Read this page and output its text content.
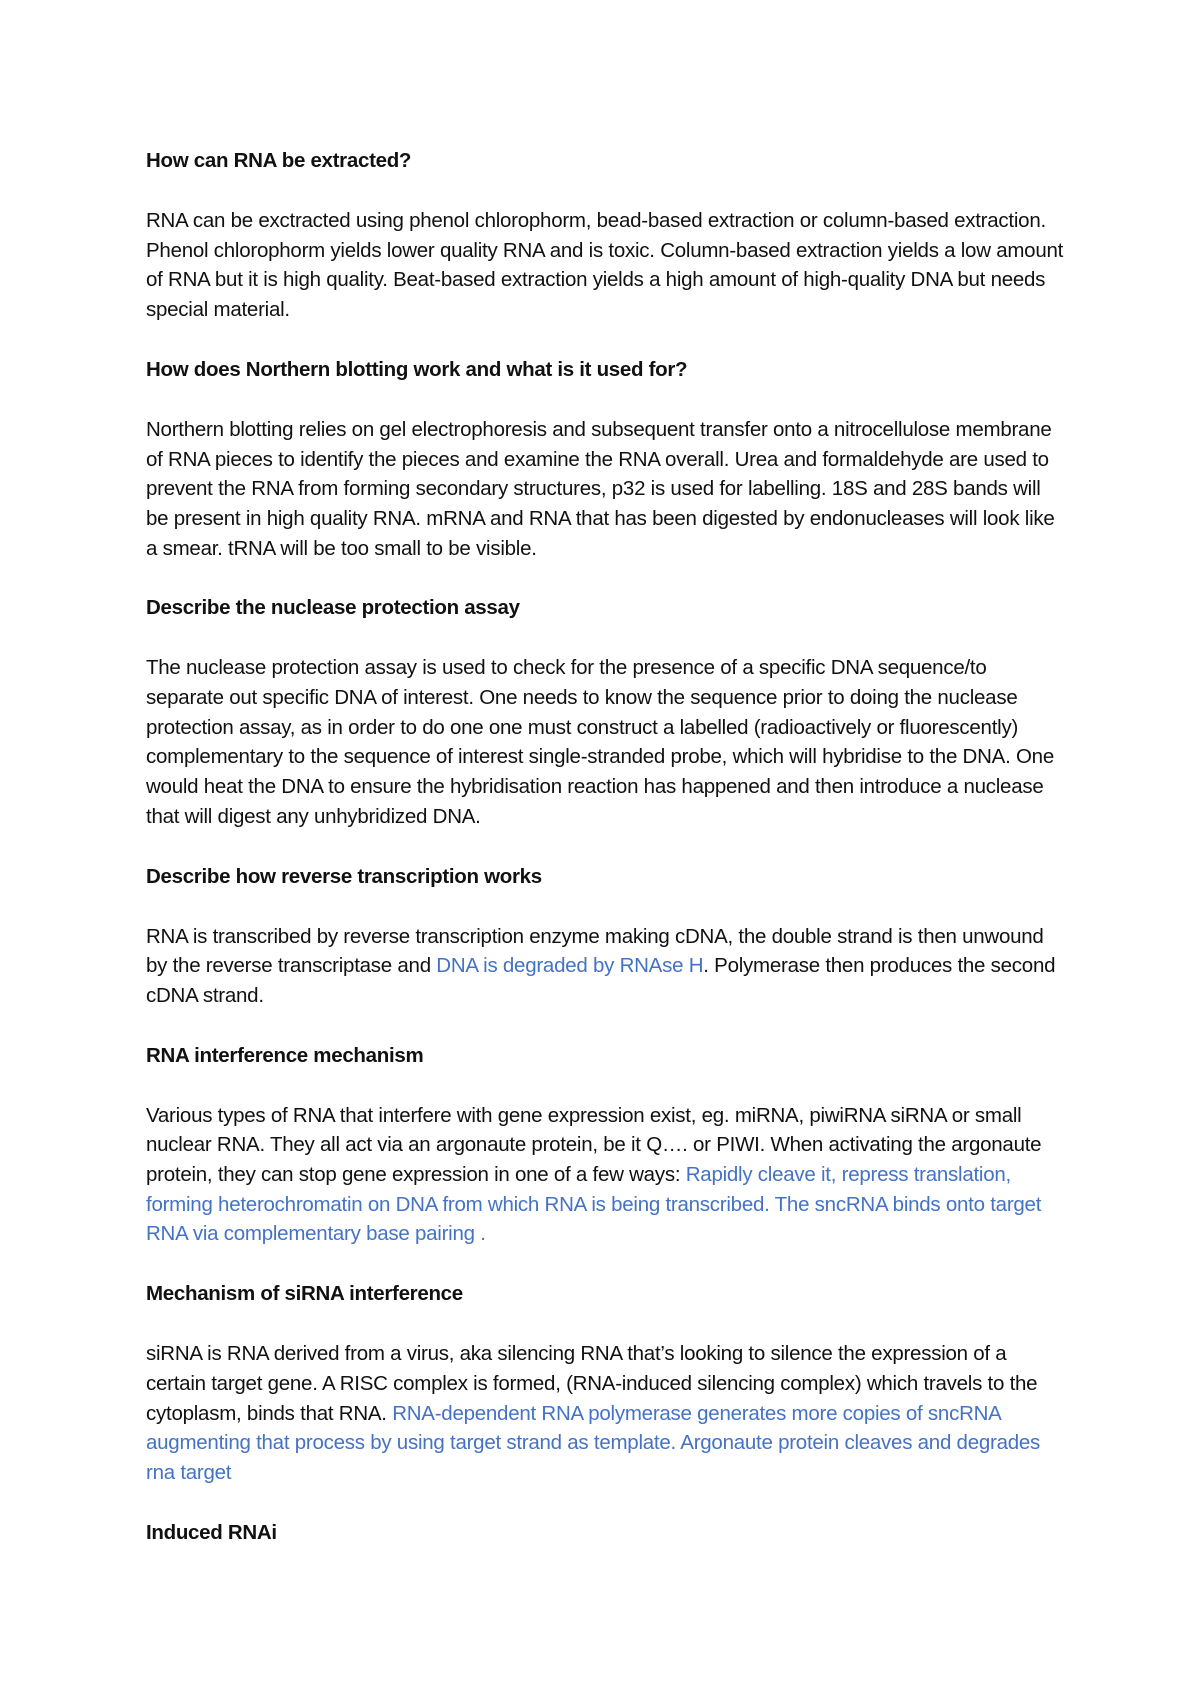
How can RNA be extracted?
RNA can be exctracted using phenol chlorophorm, bead-based extraction or column-based extraction. Phenol chlorophorm yields lower quality RNA and is toxic. Column-based extraction yields a low amount of RNA but it is high quality. Beat-based extraction yields a high amount of high-quality DNA but needs special material.
How does Northern blotting work and what is it used for?
Northern blotting relies on gel electrophoresis and subsequent transfer onto a nitrocellulose membrane of RNA pieces to identify the pieces and examine the RNA overall. Urea and formaldehyde are used to prevent the RNA from forming secondary structures, p32 is used for labelling. 18S and 28S bands will be present in high quality RNA. mRNA and RNA that has been digested by endonucleases will look like a smear. tRNA will be too small to be visible.
Describe the nuclease protection assay
The nuclease protection assay is used to check for the presence of a specific DNA sequence/to separate out specific DNA of interest. One needs to know the sequence prior to doing the nuclease protection assay, as in order to do one one must construct a labelled (radioactively or fluorescently) complementary to the sequence of interest single-stranded probe, which will hybridise to the DNA. One would heat the DNA to ensure the hybridisation reaction has happened and then introduce a nuclease that will digest any unhybridized DNA.
Describe how reverse transcription works
RNA is transcribed by reverse transcription enzyme making cDNA, the double strand is then unwound by the reverse transcriptase and DNA is degraded by RNAse H. Polymerase then produces the second cDNA strand.
RNA interference mechanism
Various types of RNA that interfere with gene expression exist, eg. miRNA, piwiRNA siRNA or small nuclear RNA. They all act via an argonaute protein, be it Q…. or PIWI. When activating the argonaute protein, they can stop gene expression in one of a few ways: Rapidly cleave it, repress translation, forming heterochromatin on DNA from which RNA is being transcribed. The sncRNA binds onto target RNA via complementary base pairing .
Mechanism of siRNA interference
siRNA is RNA derived from a virus, aka silencing RNA that’s looking to silence the expression of a certain target gene. A RISC complex is formed, (RNA-induced silencing complex) which travels to the cytoplasm, binds that RNA. RNA-dependent RNA polymerase generates more copies of sncRNA augmenting that process by using target strand as template. Argonaute protein cleaves and degrades rna target
Induced RNAi
